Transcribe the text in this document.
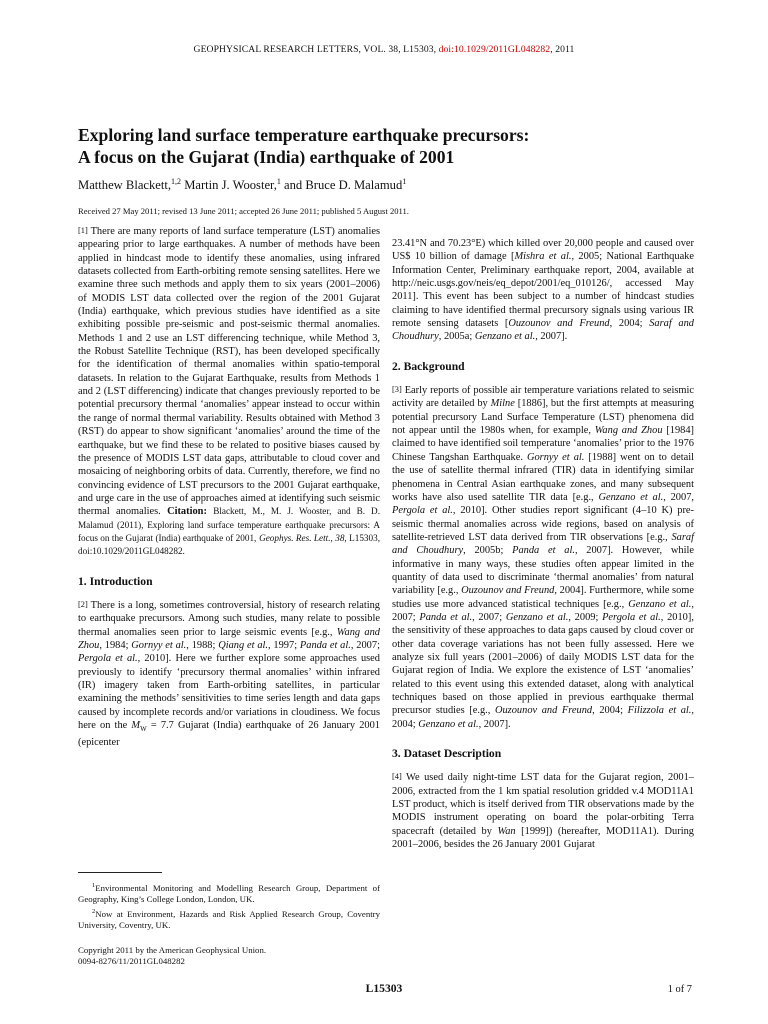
GEOPHYSICAL RESEARCH LETTERS, VOL. 38, L15303, doi:10.1029/2011GL048282, 2011
Exploring land surface temperature earthquake precursors:
A focus on the Gujarat (India) earthquake of 2001
Matthew Blackett,$^{1,2}$ Martin J. Wooster,$^1$ and Bruce D. Malamud$^1$
Received 27 May 2011; revised 13 June 2011; accepted 26 June 2011; published 5 August 2011.

[1] There are many reports of land surface temperature (LST) anomalies appearing prior to large earthquakes. A number of methods have been applied in hindcast mode to identify these anomalies, using infrared datasets collected from Earth-orbiting remote sensing satellites. Here we examine three such methods and apply them to six years (2001–2006) of MODIS LST data collected over the region of the 2001 Gujarat (India) earthquake, which previous studies have identified as a site exhibiting possible pre-seismic and post-seismic thermal anomalies. Methods 1 and 2 use an LST differencing technique, while Method 3, the Robust Satellite Technique (RST), has been developed specifically for the identification of thermal anomalies within spatio-temporal datasets. In relation to the Gujarat Earthquake, results from Methods 1 and 2 (LST differencing) indicate that changes previously reported to be potential precursory thermal ‘anomalies’ appear instead to occur within the range of normal thermal variability. Results obtained with Method 3 (RST) do appear to show significant ‘anomalies’ around the time of the earthquake, but we find these to be related to positive biases caused by the presence of MODIS LST data gaps, attributable to cloud cover and mosaicing of neighboring orbits of data. Currently, therefore, we find no convincing evidence of LST precursors to the 2001 Gujarat earthquake, and urge care in the use of approaches aimed at identifying such seismic thermal anomalies. Citation: Blackett, M., M. J. Wooster, and B. D. Malamud (2011), Exploring land surface temperature earthquake precursors: A focus on the Gujarat (India) earthquake of 2001, Geophys. Res. Lett., 38, L15303, doi:10.1029/2011GL048282.

1. Introduction

[2] There is a long, sometimes controversial, history of research relating to earthquake precursors. Among such studies, many relate to possible thermal anomalies seen prior to large seismic events [e.g., Wang and Zhou, 1984; Gornyy et al., 1988; Qiang et al., 1997; Panda et al., 2007; Pergola et al., 2010]. Here we further explore some approaches used previously to identify ‘precursory thermal anomalies’ within infrared (IR) imagery taken from Earth-orbiting satellites, in particular examining the methods’ sensitivities to time series length and data gaps caused by incomplete records and/or variations in cloudiness. We focus here on the $M_W = 7.7$ Gujarat (India) earthquake of 26 January 2001 (epicenter

$^1$Environmental Monitoring and Modelling Research Group, Department of Geography, King’s College London, London, UK.

$^2$Now at Environment, Hazards and Risk Applied Research Group, Coventry University, Coventry, UK.

Copyright 2011 by the American Geophysical Union.
0094-8276/11/2011GL048282

23.41°N and 70.23°E) which killed over 20,000 people and caused over US$ 10 billion of damage [Mishra et al., 2005; National Earthquake Information Center, Preliminary earthquake report, 2004, available at http://neic.usgs.gov/neis/eq_depot/2001/eq_010126/, accessed May 2011]. This event has been subject to a number of hindcast studies claiming to have identified thermal precursory signals using various IR remote sensing datasets [Ouzounov and Freund, 2004; Saraf and Choudhury, 2005a; Genzano et al., 2007].

2. Background

[3] Early reports of possible air temperature variations related to seismic activity are detailed by Milne [1886], but the first attempts at measuring potential precursory Land Surface Temperature (LST) phenomena did not appear until the 1980s when, for example, Wang and Zhou [1984] claimed to have identified soil temperature ‘anomalies’ prior to the 1976 Chinese Tangshan Earthquake. Gornyy et al. [1988] went on to detail the use of satellite thermal infrared (TIR) data in identifying similar phenomena in Central Asian earthquake zones, and many subsequent works have also used satellite TIR data [e.g., Genzano et al., 2007, Pergola et al., 2010]. Other studies report significant (4–10 K) pre-seismic thermal anomalies across wide regions, based on analysis of satellite-retrieved LST data derived from TIR observations [e.g., Saraf and Choudhury, 2005b; Panda et al., 2007]. However, while informative in many ways, these studies often appear limited in the quantity of data used to discriminate ‘thermal anomalies’ from natural variability [e.g., Ouzounov and Freund, 2004]. Furthermore, while some studies use more advanced statistical techniques [e.g., Genzano et al., 2007; Panda et al., 2007; Genzano et al., 2009; Pergola et al., 2010], the sensitivity of these approaches to data gaps caused by cloud cover or other data coverage variations has not been fully assessed. Here we analyze six full years (2001–2006) of daily MODIS LST data for the Gujarat region of India. We explore the existence of LST ‘anomalies’ related to this event using this extended dataset, along with analytical techniques based on those applied in previous earthquake thermal precursor studies [e.g., Ouzounov and Freund, 2004; Filizzola et al., 2004; Genzano et al., 2007].

3. Dataset Description

[4] We used daily night-time LST data for the Gujarat region, 2001–2006, extracted from the 1 km spatial resolution gridded v.4 MOD11A1 LST product, which is itself derived from TIR observations made by the MODIS instrument operating on board the polar-orbiting Terra spacecraft (detailed by Wan [1999]) (hereafter, MOD11A1). During 2001–2006, besides the 26 January 2001 Gujarat

L15303	1 of 7
